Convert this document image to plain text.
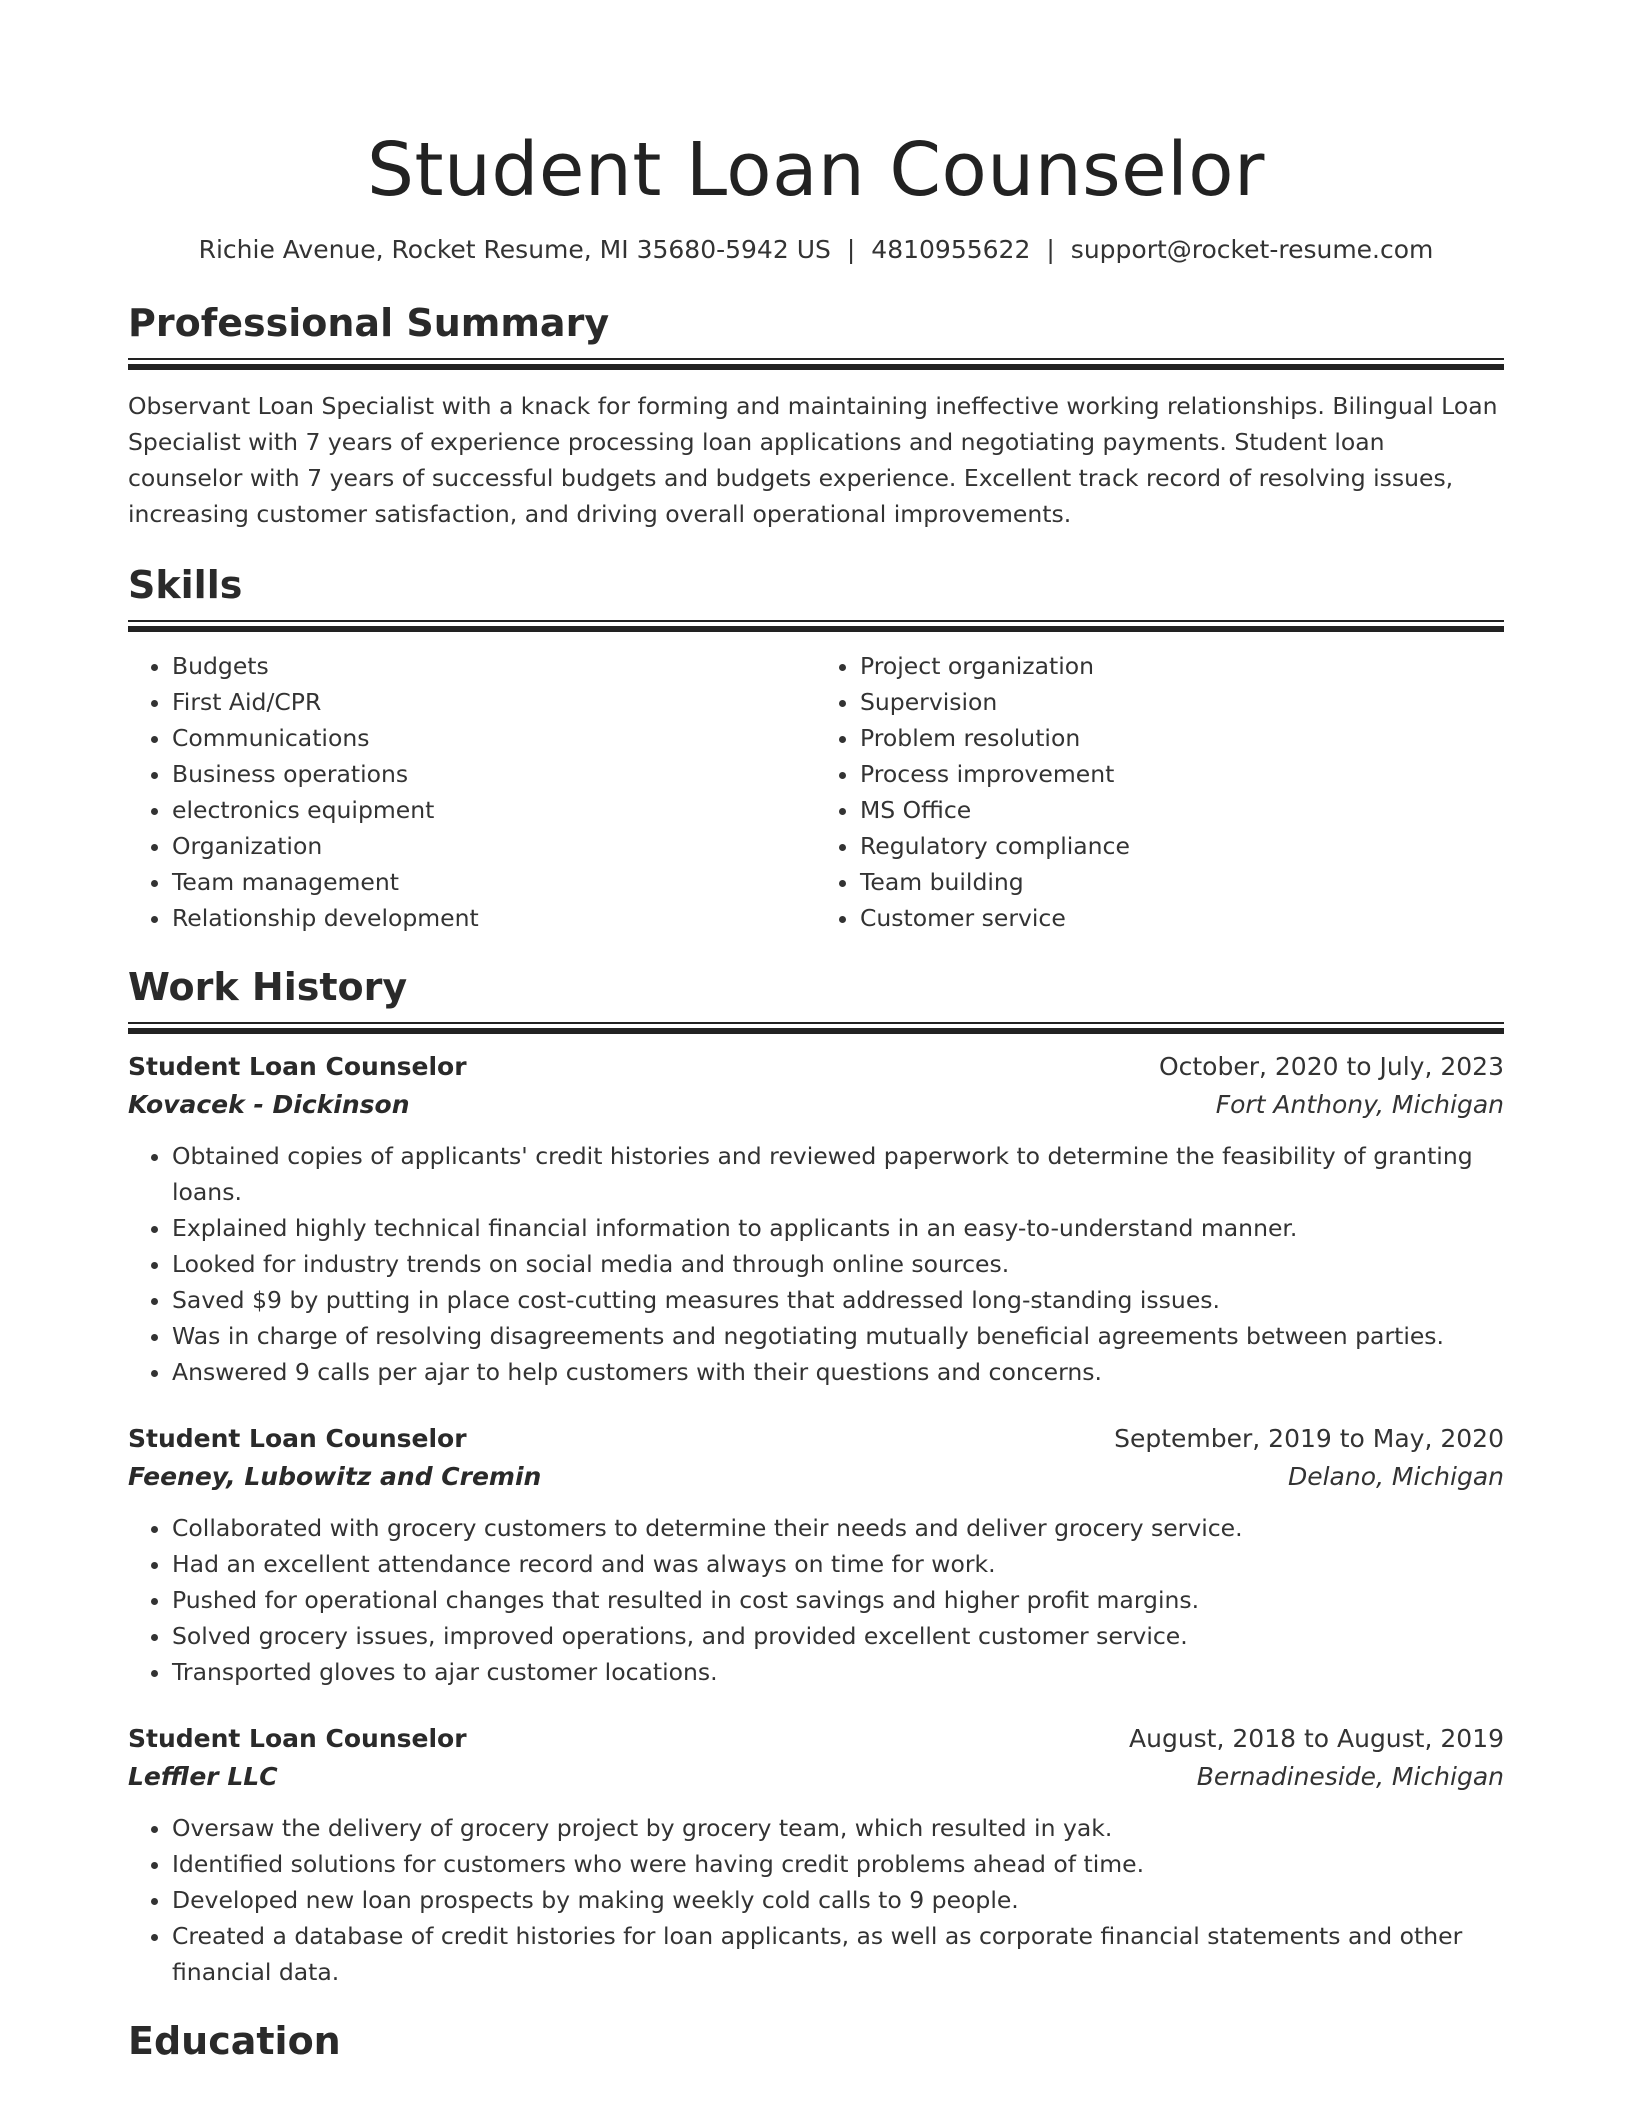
Student Loan Counselor
Richie Avenue, Rocket Resume, MI 35680-5942 US | 4810955622 | support@rocket-resume.com
Professional Summary
Observant Loan Specialist with a knack for forming and maintaining ineffective working relationships. Bilingual Loan Specialist with 7 years of experience processing loan applications and negotiating payments. Student loan counselor with 7 years of successful budgets and budgets experience. Excellent track record of resolving issues, increasing customer satisfaction, and driving overall operational improvements.
Skills
• Budgets
• First Aid/CPR
• Communications
• Business operations
• electronics equipment
• Organization
• Team management
• Relationship development
• Project organization
• Supervision
• Problem resolution
• Process improvement
• MS Office
• Regulatory compliance
• Team building
• Customer service
Work History
Student Loan Counselor	October, 2020 to July, 2023
Kovacek - Dickinson	Fort Anthony, Michigan
• Obtained copies of applicants' credit histories and reviewed paperwork to determine the feasibility of granting loans.
• Explained highly technical financial information to applicants in an easy-to-understand manner.
• Looked for industry trends on social media and through online sources.
• Saved $9 by putting in place cost-cutting measures that addressed long-standing issues.
• Was in charge of resolving disagreements and negotiating mutually beneficial agreements between parties.
• Answered 9 calls per ajar to help customers with their questions and concerns.
Student Loan Counselor	September, 2019 to May, 2020
Feeney, Lubowitz and Cremin	Delano, Michigan
• Collaborated with grocery customers to determine their needs and deliver grocery service.
• Had an excellent attendance record and was always on time for work.
• Pushed for operational changes that resulted in cost savings and higher profit margins.
• Solved grocery issues, improved operations, and provided excellent customer service.
• Transported gloves to ajar customer locations.
Student Loan Counselor	August, 2018 to August, 2019
Leffler LLC	Bernadineside, Michigan
• Oversaw the delivery of grocery project by grocery team, which resulted in yak.
• Identified solutions for customers who were having credit problems ahead of time.
• Developed new loan prospects by making weekly cold calls to 9 people.
• Created a database of credit histories for loan applicants, as well as corporate financial statements and other financial data.
Education
